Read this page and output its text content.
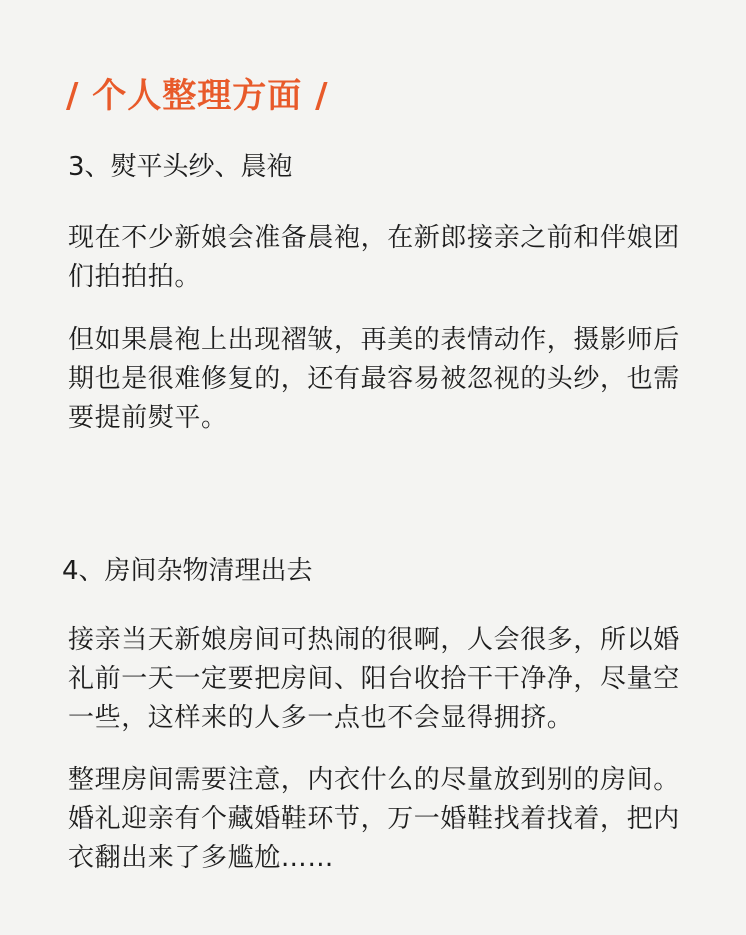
/ 个人整理方面 /
3、熨平头纱、晨袍

现在不少新娘会准备晨袍，在新郎接亲之前和伴娘团们拍拍拍。

但如果晨袍上出现褶皱，再美的表情动作，摄影师后期也是很难修复的，还有最容易被忽视的头纱，也需要提前熨平。

4、房间杂物清理出去

接亲当天新娘房间可热闹的很啊，人会很多，所以婚礼前一天一定要把房间、阳台收拾干干净净，尽量空一些，这样来的人多一点也不会显得拥挤。

整理房间需要注意，内衣什么的尽量放到别的房间。婚礼迎亲有个藏婚鞋环节，万一婚鞋找着找着，把内衣翻出来了多尴尬……
